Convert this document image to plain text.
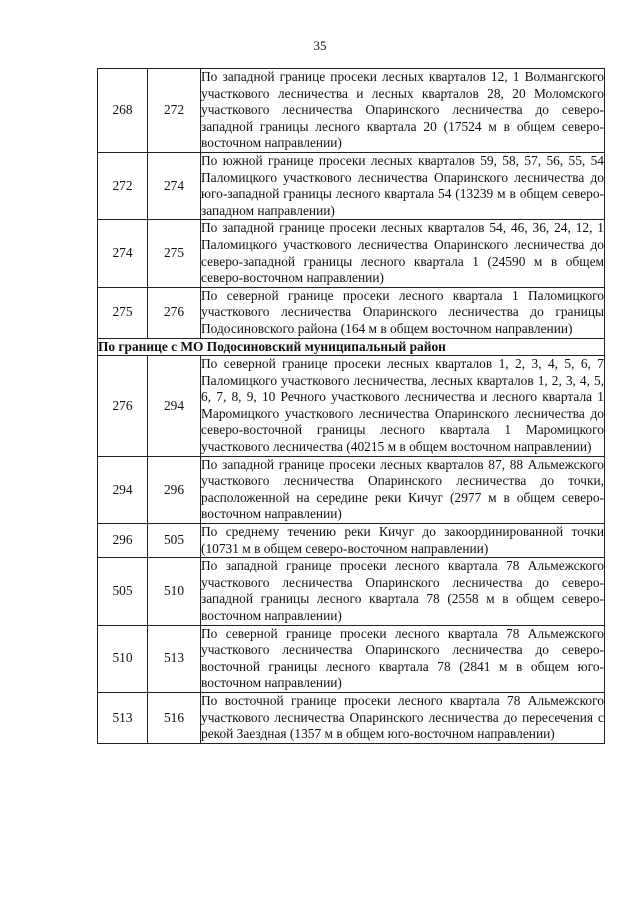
35
268	272	По западной границе просеки лесных кварталов 12, 1 Волмангского участкового лесничества и лесных кварталов 28, 20 Моломского участкового лесничества Опаринского лесничества до северо-западной границы лесного квартала 20 (17524 м в общем северо-восточном направлении)
272	274	По южной границе просеки лесных кварталов 59, 58, 57, 56, 55, 54 Паломицкого участкового лесничества Опаринского лесничества до юго-западной границы лесного квартала 54 (13239 м в общем северо-западном направлении)
274	275	По западной границе просеки лесных кварталов 54, 46, 36, 24, 12, 1 Паломицкого участкового лесничества Опаринского лесничества до северо-западной границы лесного квартала 1 (24590 м в общем северо-восточном направлении)
275	276	По северной границе просеки лесного квартала 1 Паломицкого участкового лесничества Опаринского лесничества до границы Подосиновского района (164 м в общем восточном направлении)
По границе с МО Подосиновский муниципальный район		
276	294	По северной границе просеки лесных кварталов 1, 2, 3, 4, 5, 6, 7 Паломицкого участкового лесничества, лесных кварталов 1, 2, 3, 4, 5, 6, 7, 8, 9, 10 Речного участкового лесничества и лесного квартала 1 Маромицкого участкового лесничества Опаринского лесничества до северо-восточной границы лесного квартала 1 Маромицкого участкового лесничества (40215 м в общем восточном направлении)
294	296	По западной границе просеки лесных кварталов 87, 88 Альмежского участкового лесничества Опаринского лесничества до точки, расположенной на середине реки Кичуг (2977 м в общем северо-восточном направлении)
296	505	По среднему течению реки Кичуг до закоординированной точки (10731 м в общем северо-восточном направлении)
505	510	По западной границе просеки лесного квартала 78 Альмежского участкового лесничества Опаринского лесничества до северо-западной границы лесного квартала 78 (2558 м в общем северо-восточном направлении)
510	513	По северной границе просеки лесного квартала 78 Альмежского участкового лесничества Опаринского лесничества до северо-восточной границы лесного квартала 78 (2841 м в общем юго-восточном направлении)
513	516	По восточной границе просеки лесного квартала 78 Альмежского участкового лесничества Опаринского лесничества до пересечения с рекой Заездная (1357 м в общем юго-восточном направлении)
